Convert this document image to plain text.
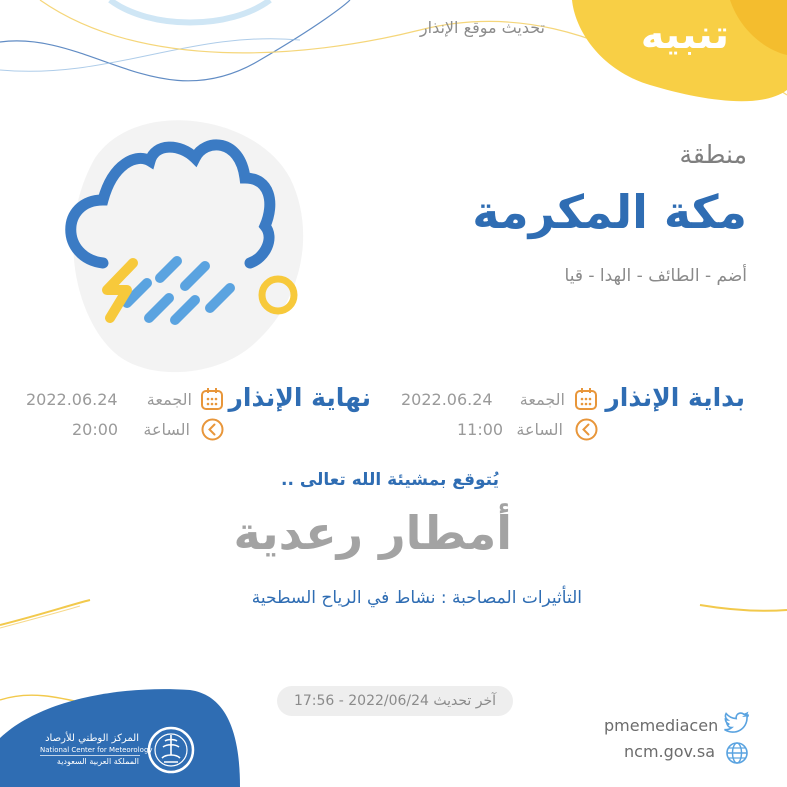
تنبيه
تحديث موقع الإنذار
منطقة
مكة المكرمة
أضم - الطائف - الهدا - قيا
بداية الإنذار
الجمعة
2022.06.24
الساعة
11:00
نهاية الإنذار
الجمعة
2022.06.24
الساعة
20:00
يُتوقع بمشيئة الله تعالى ..
أمطار رعدية
التأثيرات المصاحبة : نشاط في الرياح السطحية
آخر تحديث 2022/06/24 - 17:56
pmemediacen
ncm.gov.sa
المركز الوطني للأرصاد
National Center for Meteorology
المملكة العربية السعودية
